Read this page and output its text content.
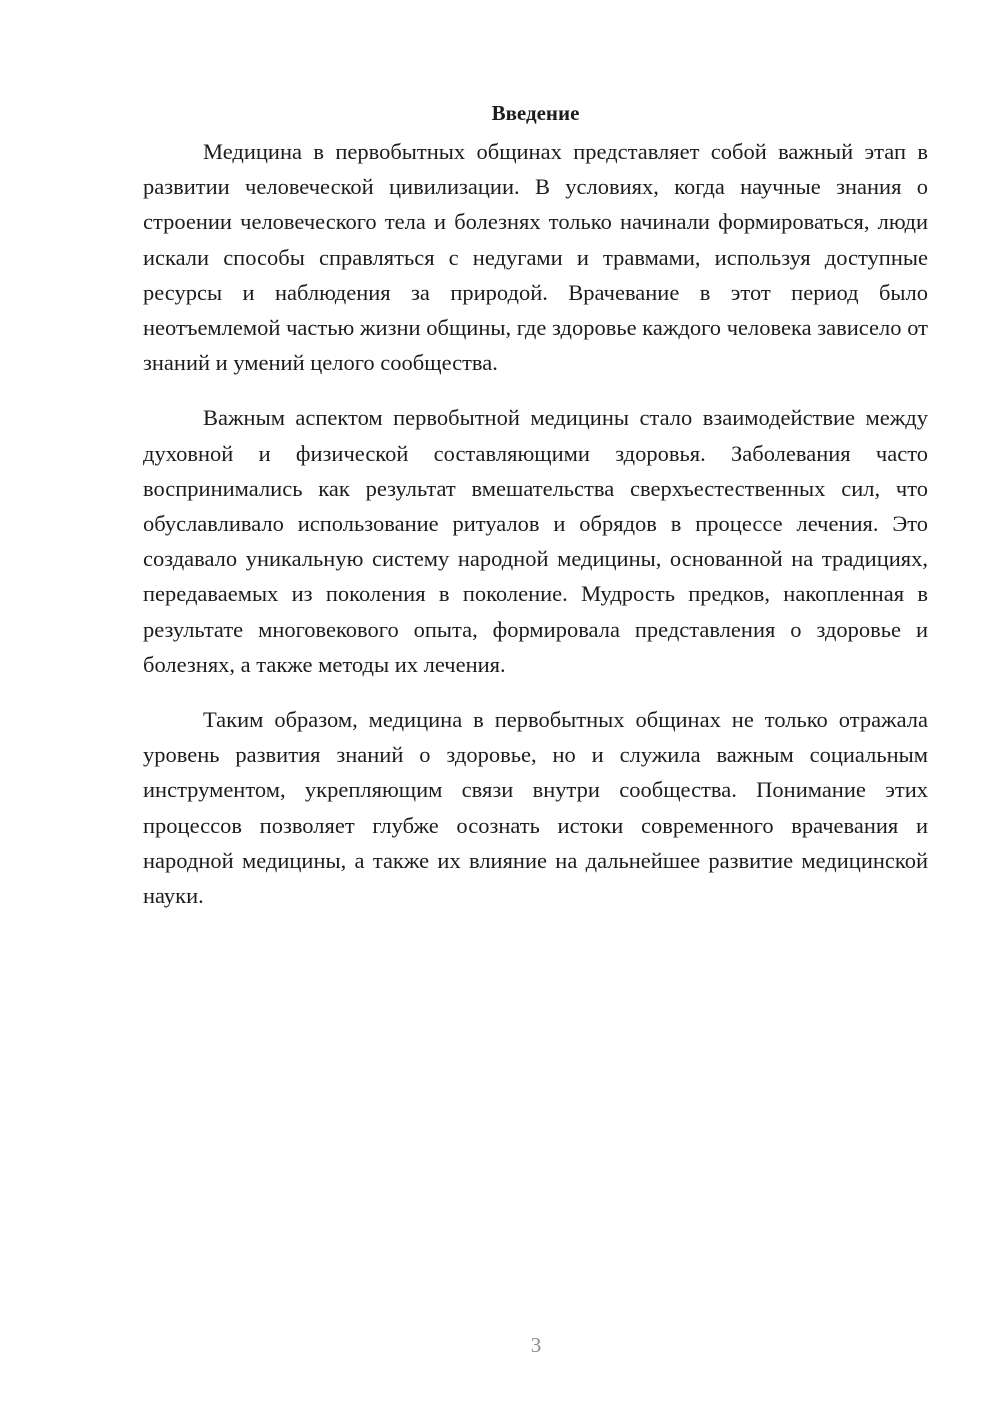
Введение

Медицина в первобытных общинах представляет собой важный этап в развитии человеческой цивилизации. В условиях, когда научные знания о строении человеческого тела и болезнях только начинали формироваться, люди искали способы справляться с недугами и травмами, используя доступные ресурсы и наблюдения за природой. Врачевание в этот период было неотъемлемой частью жизни общины, где здоровье каждого человека зависело от знаний и умений целого сообщества.

Важным аспектом первобытной медицины стало взаимодействие между духовной и физической составляющими здоровья. Заболевания часто воспринимались как результат вмешательства сверхъестественных сил, что обуславливало использование ритуалов и обрядов в процессе лечения. Это создавало уникальную систему народной медицины, основанной на традициях, передаваемых из поколения в поколение. Мудрость предков, накопленная в результате многовекового опыта, формировала представления о здоровье и болезнях, а также методы их лечения.

Таким образом, медицина в первобытных общинах не только отражала уровень развития знаний о здоровье, но и служила важным социальным инструментом, укрепляющим связи внутри сообщества. Понимание этих процессов позволяет глубже осознать истоки современного врачевания и народной медицины, а также их влияние на дальнейшее развитие медицинской науки.

3
